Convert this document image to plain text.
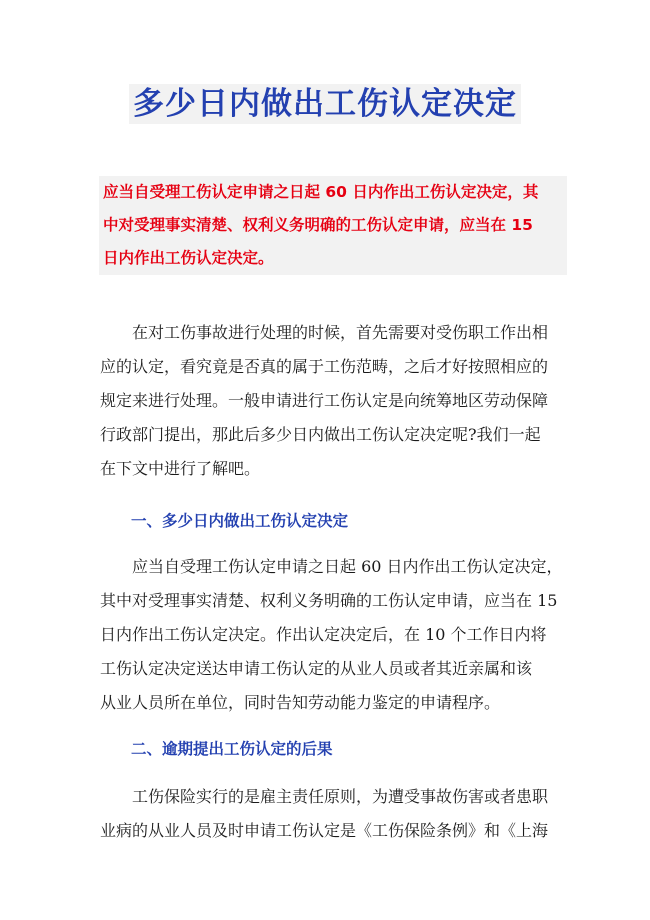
多少日内做出工伤认定决定
应当自受理工伤认定申请之日起 60 日内作出工伤认定决定，其
中对受理事实清楚、权利义务明确的工伤认定申请，应当在 15
日内作出工伤认定决定。
在对工伤事故进行处理的时候，首先需要对受伤职工作出相
应的认定，看究竟是否真的属于工伤范畴，之后才好按照相应的
规定来进行处理。一般申请进行工伤认定是向统筹地区劳动保障
行政部门提出，那此后多少日内做出工伤认定决定呢?我们一起
在下文中进行了解吧。
一、多少日内做出工伤认定决定
应当自受理工伤认定申请之日起 60 日内作出工伤认定决定，
其中对受理事实清楚、权利义务明确的工伤认定申请，应当在 15
日内作出工伤认定决定。作出认定决定后，在 10 个工作日内将
工伤认定决定送达申请工伤认定的从业人员或者其近亲属和该
从业人员所在单位，同时告知劳动能力鉴定的申请程序。
二、逾期提出工伤认定的后果
工伤保险实行的是雇主责任原则，为遭受事故伤害或者患职
业病的从业人员及时申请工伤认定是《工伤保险条例》和《上海
